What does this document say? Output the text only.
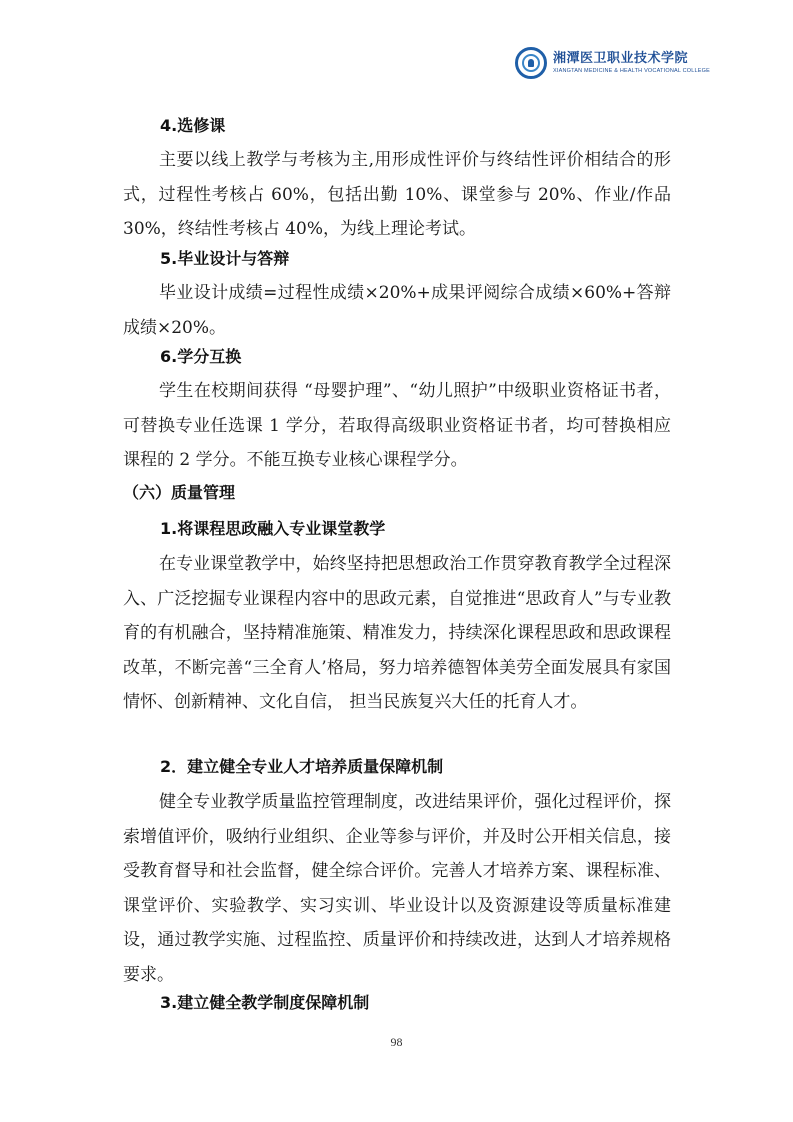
湘潭医卫职业技术学院
XIANGTAN MEDICINE & HEALTH VOCATIONAL COLLEGE
4.选修课

主要以线上教学与考核为主,用形成性评价与终结性评价相结合的形式，过程性考核占 60%，包括出勤 10%、课堂参与 20%、作业/作品 30%，终结性考核占 40%，为线上理论考试。

5.毕业设计与答辩

毕业设计成绩=过程性成绩×20%+成果评阅综合成绩×60%+答辩成绩×20%。

6.学分互换

学生在校期间获得 “母婴护理”、“幼儿照护”中级职业资格证书者，可替换专业任选课 1 学分，若取得高级职业资格证书者，均可替换相应课程的 2 学分。不能互换专业核心课程学分。

（六）质量管理
1.将课程思政融入专业课堂教学

在专业课堂教学中，始终坚持把思想政治工作贯穿教育教学全过程深入、广泛挖掘专业课程内容中的思政元素，自觉推进“思政育人”与专业教育的有机融合，坚持精准施策、精准发力，持续深化课程思政和思政课程改革，不断完善“三全育人’格局，努力培养德智体美劳全面发展具有家国情怀、创新精神、文化自信， 担当民族复兴大任的托育人才。

2．建立健全专业人才培养质量保障机制

健全专业教学质量监控管理制度，改进结果评价，强化过程评价，探索增值评价，吸纳行业组织、企业等参与评价，并及时公开相关信息，接受教育督导和社会监督，健全综合评价。完善人才培养方案、课程标准、课堂评价、实验教学、实习实训、毕业设计以及资源建设等质量标准建设，通过教学实施、过程监控、质量评价和持续改进，达到人才培养规格要求。

3.建立健全教学制度保障机制
98
